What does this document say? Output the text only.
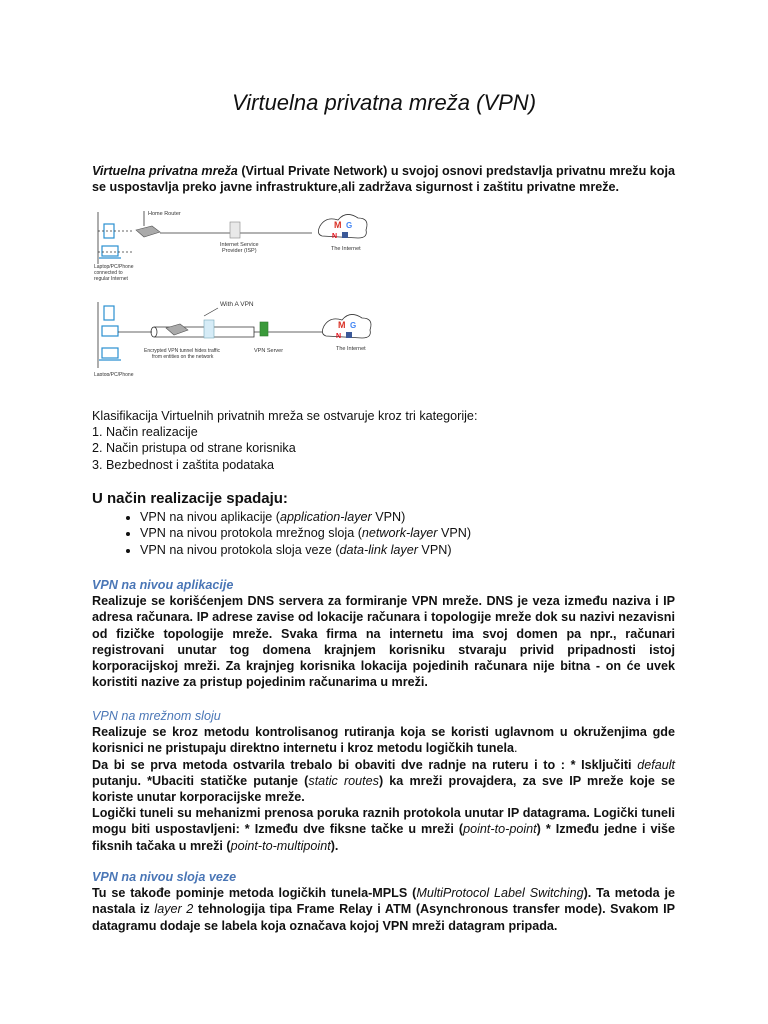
Virtuelna privatna mreža (VPN)

Virtuelna privatna mreža (Virtual Private Network) u svojoj osnovi predstavlja privatnu mrežu koja se uspostavlja preko javne infrastrukture,ali zadržava sigurnost i zaštitu privatne mreže.

Home Router
Internet Service
Provider (ISP)
M G
N
The Internet
Laptop/PC/Phone
connected to
regular Internet
With A VPN
M G
N
Encrypted VPN tunnel hides traffic
from entities on the network
VPN Server	The Internet
Laptop/PC/Phone

Klasifikacija Virtuelnih privatnih mreža se ostvaruje kroz tri kategorije:

1. Način realizacije

2. Način pristupa od strane korisnika

3. Bezbednost i zaštita podataka

U način realizacije spadaju:

• VPN na nivou aplikacije (application-layer VPN)
• VPN na nivou protokola mrežnog sloja (network-layer VPN)
• VPN na nivou protokola sloja veze (data-link layer VPN)

VPN na nivou aplikacije

Realizuje se korišćenjem DNS servera za formiranje VPN mreže. DNS je veza između naziva i IP adresa računara. IP adrese zavise od lokacije računara i topologije mreže dok su nazivi nezavisni od fizičke topologije mreže. Svaka firma na internetu ima svoj domen pa npr., računari registrovani unutar tog domena krajnjem korisniku stvaraju privid pripadnosti istoj korporacijskoj mreži. Za krajnjeg korisnika lokacija pojedinih računara nije bitna - on će uvek koristiti nazive za pristup pojedinim računarima u mreži.

VPN na mrežnom sloju

Realizuje se kroz metodu kontrolisanog rutiranja koja se koristi uglavnom u okruženjima gde korisnici ne pristupaju direktno internetu i kroz metodu logičkih tunela.

Da bi se prva metoda ostvarila trebalo bi obaviti dve radnje na ruteru i to : * Isključiti default putanju. *Ubaciti statičke putanje (static routes) ka mreži provajdera, za sve IP mreže koje se koriste unutar korporacijske mreže.

Logički tuneli su mehanizmi prenosa poruka raznih protokola unutar IP datagrama. Logički tuneli mogu biti uspostavljeni: * Između dve fiksne tačke u mreži (point-to-point) * Između jedne i više fiksnih tačaka u mreži (point-to-multipoint).

VPN na nivou sloja veze

Tu se takođe pominje metoda logičkih tunela-MPLS (MultiProtocol Label Switching). Ta metoda je nastala iz layer 2 tehnologija tipa Frame Relay i ATM (Asynchronous transfer mode). Svakom IP datagramu dodaje se labela koja označava kojoj VPN mreži datagram pripada.
